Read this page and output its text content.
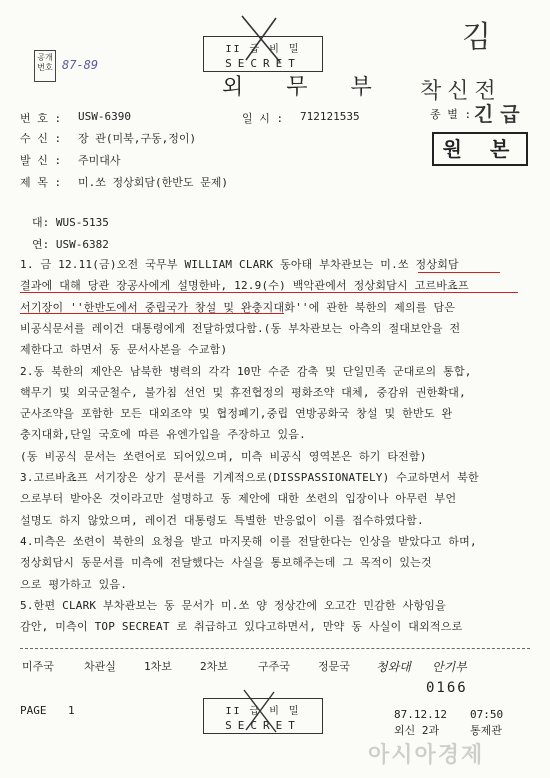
공개 번호 87-89
II 급 비 밀
SECRET
외 무 부
김
착신전
종 별 : 긴 급
원 본
번 호 : USW-6390	일 시 : 712121535
수 신 : 장 관(미북,구동,정이)
발 신 : 주미대사
제 목 : 미.쏘 정상회담(한반도 문제)
대: WUS-5135
연: USW-6382
1. 금 12.11(금)오전 국무부 WILLIAM CLARK 동아태 부차관보는 미.쏘 정상회담
결과에 대해 당관 장공사에게 설명한바, 12.9(수) 백악관에서 정상회담시 고르바쵸프
서기장이 ''한반도에서 중립국가 창설 및 완충지대화''에 관한 북한의 제의를 담은
비공식문서를 레이건 대통령에게 전달하였다함.(동 부차관보는 아측의 절대보안을 전
제한다고 하면서 동 문서사본을 수교함)
2.동 북한의 제안은 남북한 병력의 각각 10만 수준 감축 및 단일민족 군대로의 통합,
핵무기 및 외국군철수, 불가침 선언 및 휴전협정의 평화조약 대체, 중감위 권한확대,
군사조약을 포함한 모든 대외조약 및 협정폐기,중립 연방공화국 창설 및 한반도 완
충지대화,단일 국호에 따른 유엔가입을 주장하고 있음.
(동 비공식 문서는 쏘련어로 되어있으며, 미측 비공식 영역본은 하기 타전함)
3.고르바쵸프 서기장은 상기 문서를 기계적으로(DISSPASSIONATELY) 수교하면서 북한
으로부터 받아온 것이라고만 설명하고 동 제안에 대한 쏘련의 입장이나 아무런 부언
설명도 하지 않았으며, 레이건 대통령도 특별한 반응없이 이를 접수하였다함.
4.미측은 쏘련이 북한의 요청을 받고 마지못해 이를 전달한다는 인상을 받았다고 하며,
정상회담시 동문서를 미측에 전달했다는 사실을 통보해주는데 그 목적이 있는것
으로 평가하고 있음.
5.한편 CLARK 부차관보는 동 문서가 미.쏘 양 정상간에 오고간 민감한 사항임을
감안, 미측이 TOP SECREAT 로 취급하고 있다고하면서, 만약 동 사실이 대외적으로
미주국	차관실	1차보	2차보	구주국	정문국 청와대 안기부
PAGE 1
0166
II 급 비 밀
SECRET
87.12.12 07:50
외신 2과	통제관
아시아경제
